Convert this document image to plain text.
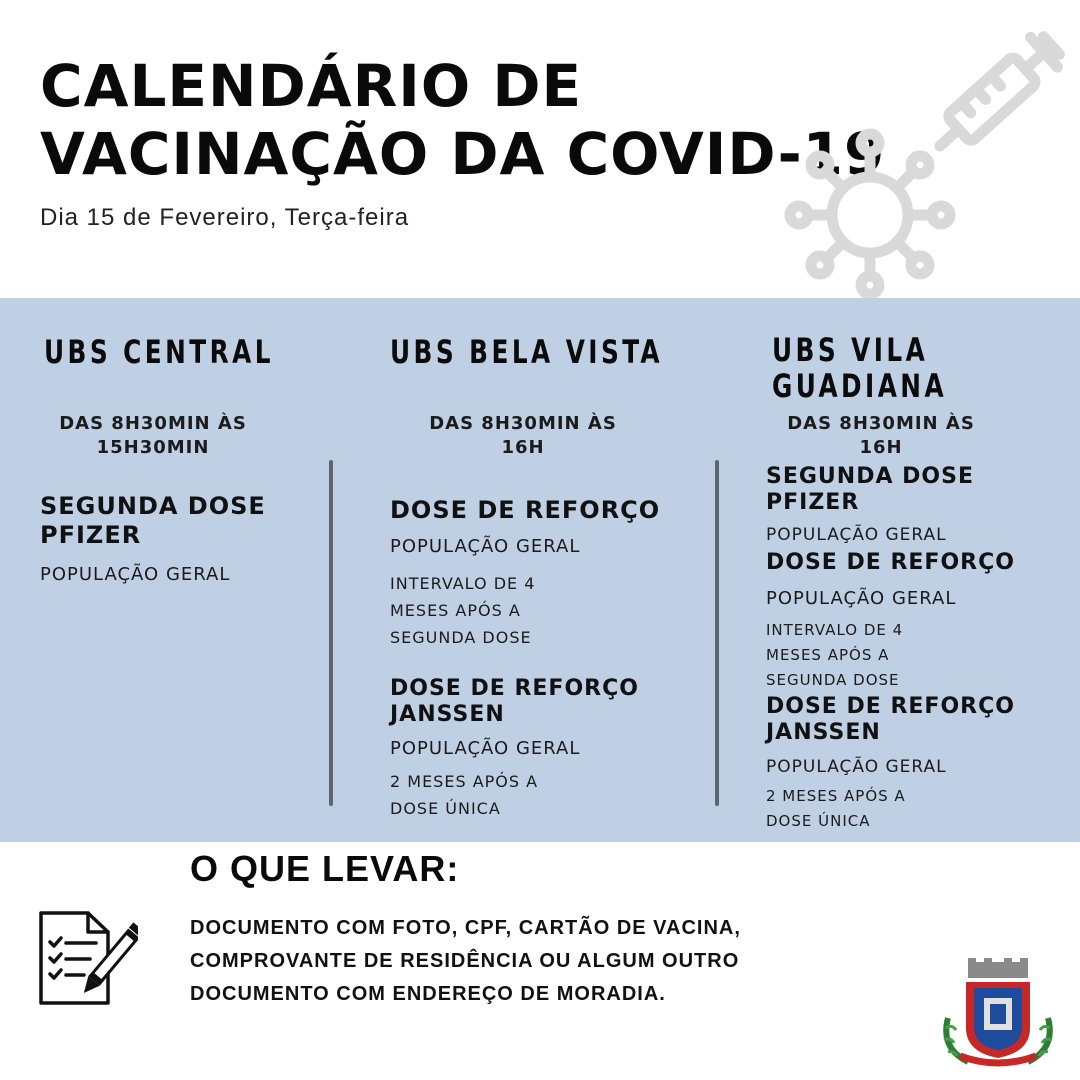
CALENDÁRIO DE
VACINAÇÃO DA COVID-19
Dia 15 de Fevereiro, Terça-feira
UBS CENTRAL
DAS 8H30MIN ÀS
15H30MIN
SEGUNDA DOSE
PFIZER
POPULAÇÃO GERAL
UBS BELA VISTA
DAS 8H30MIN ÀS
16H
DOSE DE REFORÇO
POPULAÇÃO GERAL
INTERVALO DE 4
MESES APÓS A
SEGUNDA DOSE
DOSE DE REFORÇO
JANSSEN
POPULAÇÃO GERAL
2 MESES APÓS A
DOSE ÚNICA
UBS VILA
GUADIANA
DAS 8H30MIN ÀS
16H
SEGUNDA DOSE
PFIZER
POPULAÇÃO GERAL
DOSE DE REFORÇO
POPULAÇÃO GERAL
INTERVALO DE 4
MESES APÓS A
SEGUNDA DOSE
DOSE DE REFORÇO
JANSSEN
POPULAÇÃO GERAL
2 MESES APÓS A
DOSE ÚNICA
O QUE LEVAR:
DOCUMENTO COM FOTO, CPF, CARTÃO DE VACINA,
COMPROVANTE DE RESIDÊNCIA OU ALGUM OUTRO
DOCUMENTO COM ENDEREÇO DE MORADIA.
